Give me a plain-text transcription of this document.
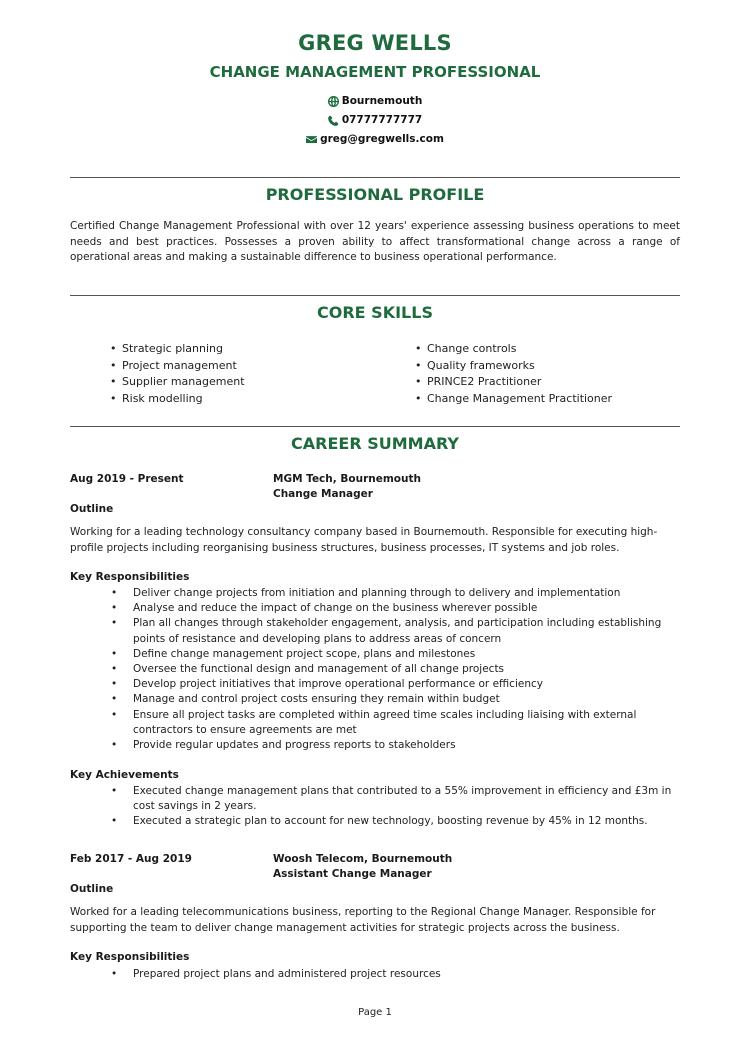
GREG WELLS
CHANGE MANAGEMENT PROFESSIONAL
Bournemouth
07777777777
greg@gregwells.com
PROFESSIONAL PROFILE
Certified Change Management Professional with over 12 years' experience assessing business operations to meet needs and best practices. Possesses a proven ability to affect transformational change across a range of operational areas and making a sustainable difference to business operational performance.
CORE SKILLS
• Strategic planning
• Project management
• Supplier management
• Risk modelling
• Change controls
• Quality frameworks
• PRINCE2 Practitioner
• Change Management Practitioner
CAREER SUMMARY
Aug 2019 - Present	MGM Tech, Bournemouth
Change Manager
Outline
Working for a leading technology consultancy company based in Bournemouth. Responsible for executing high-profile projects including reorganising business structures, business processes, IT systems and job roles.
Key Responsibilities
• Deliver change projects from initiation and planning through to delivery and implementation
• Analyse and reduce the impact of change on the business wherever possible
• Plan all changes through stakeholder engagement, analysis, and participation including establishing points of resistance and developing plans to address areas of concern
• Define change management project scope, plans and milestones
• Oversee the functional design and management of all change projects
• Develop project initiatives that improve operational performance or efficiency
• Manage and control project costs ensuring they remain within budget
• Ensure all project tasks are completed within agreed time scales including liaising with external contractors to ensure agreements are met
• Provide regular updates and progress reports to stakeholders
Key Achievements
• Executed change management plans that contributed to a 55% improvement in efficiency and £3m in cost savings in 2 years.
• Executed a strategic plan to account for new technology, boosting revenue by 45% in 12 months.
Feb 2017 - Aug 2019	Woosh Telecom, Bournemouth
Assistant Change Manager
Outline
Worked for a leading telecommunications business, reporting to the Regional Change Manager. Responsible for supporting the team to deliver change management activities for strategic projects across the business.
Key Responsibilities
• Prepared project plans and administered project resources
Page 1
